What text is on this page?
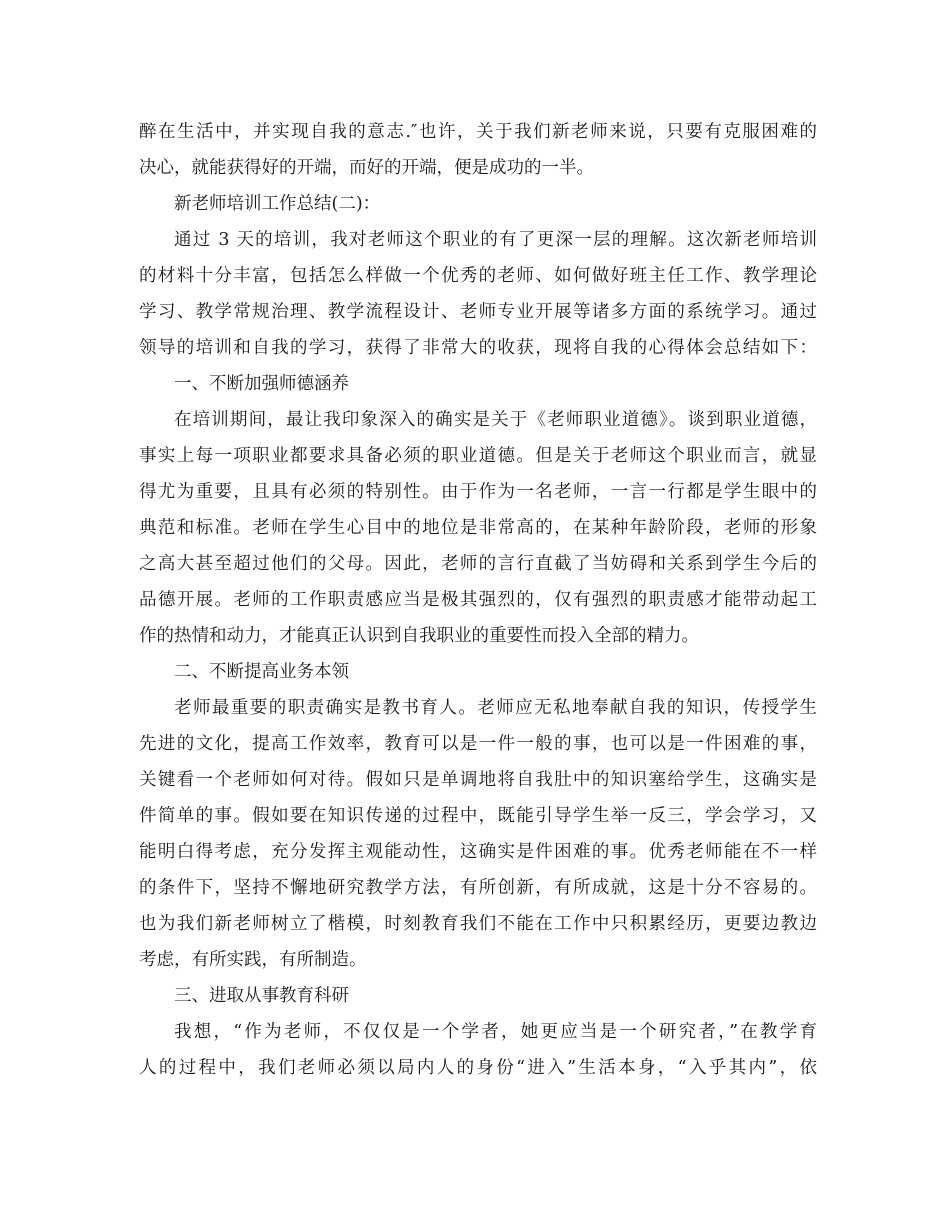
醉在生活中，并实现自我的意志.″也许，关于我们新老师来说，只要有克服困难的
决心，就能获得好的开端，而好的开端，便是成功的一半。
新老师培训工作总结(二)：
通过 3 天的培训，我对老师这个职业的有了更深一层的理解。这次新老师培训
的材料十分丰富，包括怎么样做一个优秀的老师、如何做好班主任工作、教学理论
学习、教学常规治理、教学流程设计、老师专业开展等诸多方面的系统学习。通过
领导的培训和自我的学习，获得了非常大的收获，现将自我的心得体会总结如下：
一、不断加强师德涵养
在培训期间，最让我印象深入的确实是关于《老师职业道德》。谈到职业道德，
事实上每一项职业都要求具备必须的职业道德。但是关于老师这个职业而言，就显
得尤为重要，且具有必须的特别性。由于作为一名老师，一言一行都是学生眼中的
典范和标准。老师在学生心目中的地位是非常高的，在某种年龄阶段，老师的形象
之高大甚至超过他们的父母。因此，老师的言行直截了当妨碍和关系到学生今后的
品德开展。老师的工作职责感应当是极其强烈的，仅有强烈的职责感才能带动起工
作的热情和动力，才能真正认识到自我职业的重要性而投入全部的精力。
二、不断提高业务本领
老师最重要的职责确实是教书育人。老师应无私地奉献自我的知识，传授学生
先进的文化，提高工作效率，教育可以是一件一般的事，也可以是一件困难的事，
关键看一个老师如何对待。假如只是单调地将自我肚中的知识塞给学生，这确实是
件简单的事。假如要在知识传递的过程中，既能引导学生举一反三，学会学习，又
能明白得考虑，充分发挥主观能动性，这确实是件困难的事。优秀老师能在不一样
的条件下，坚持不懈地研究教学方法，有所创新，有所成就，这是十分不容易的。
也为我们新老师树立了楷模，时刻教育我们不能在工作中只积累经历，更要边教边
考虑，有所实践，有所制造。
三、进取从事教育科研
我想，“作为老师，不仅仅是一个学者，她更应当是一个研究者，”在教学育
人的过程中，我们老师必须以局内人的身份“进入”生活本身，“入乎其内”，依
